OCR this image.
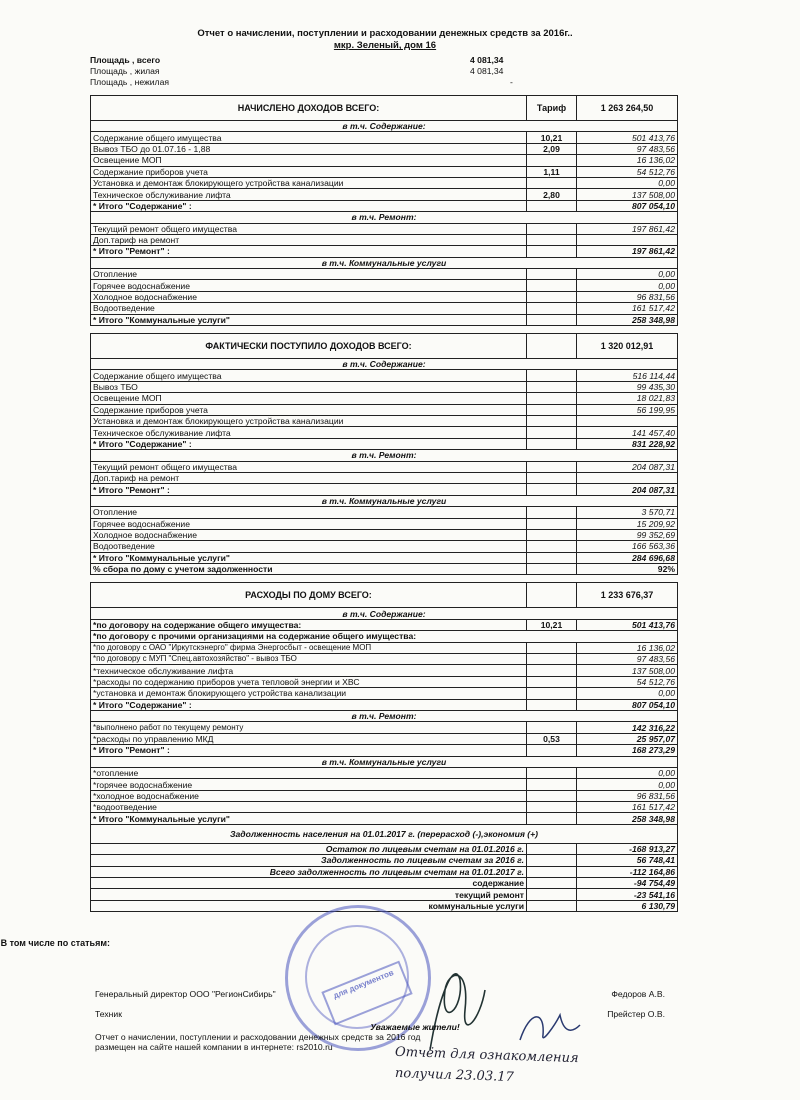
Отчет о начислении, поступлении и расходовании денежных средств за 2016г..
мкр. Зеленый, дом 16
Площадь , всего	4 081,34
Площадь , жилая	4 081,34
Площадь , нежилая	-
НАЧИСЛЕНО ДОХОДОВ ВСЕГО:	Тариф	1 263 264,50
в т.ч. Содержание:		
Содержание общего имущества	10,21	501 413,76
Вывоз ТБО до 01.07.16 - 1,88	2,09	97 483,56
Освещение МОП		16 136,02
Содержание приборов учета	1,11	54 512,76
Установка и демонтаж блокирующего устройства канализации		0,00
Техническое обслуживание лифта	2,80	137 508,00
* Итого "Содержание" :		807 054,10
в т.ч. Ремонт:		
Текущий ремонт общего имущества		197 861,42
Доп.тариф на ремонт		
* Итого "Ремонт" :		197 861,42
в т.ч. Коммунальные услуги		
Отопление		0,00
Горячее водоснабжение		0,00
Холодное водоснабжение		96 831,56
Водоотведение		161 517,42
* Итого "Коммунальные услуги"		258 348,98
ФАКТИЧЕСКИ ПОСТУПИЛО ДОХОДОВ ВСЕГО:		1 320 012,91
в т.ч. Содержание:		
Содержание общего имущества		516 114,44
Вывоз ТБО		99 435,30
Освещение МОП		18 021,83
Содержание приборов учета		56 199,95
Установка и демонтаж блокирующего устройства канализации		
Техническое обслуживание лифта		141 457,40
* Итого "Содержание" :		831 228,92
в т.ч. Ремонт:		
Текущий ремонт общего имущества		204 087,31
Доп.тариф на ремонт		
* Итого "Ремонт" :		204 087,31
в т.ч. Коммунальные услуги		
Отопление		3 570,71
Горячее водоснабжение		15 209,92
Холодное водоснабжение		99 352,69
Водоотведение		166 563,36
* Итого "Коммунальные услуги"		284 696,68
% сбора по дому с учетом задолженности		92%
РАСХОДЫ ПО ДОМУ ВСЕГО:		1 233 676,37
в т.ч. Содержание:		
*по договору на содержание общего имущества:	10,21	501 413,76
*по договору с прочими организациями на содержание общего имущества:		
*по договору с ОАО "Иркутскэнерго" фирма Энергосбыт - освещение МОП		16 136,02
*по договору с МУП "Спец.автохозяйство" - вывоз ТБО		97 483,56
*техническое обслуживание лифта		137 508,00
*расходы по содержанию приборов учета тепловой энергии и ХВС		54 512,76
*установка и демонтаж блокирующего устройства канализации		0,00
* Итого "Содержание" :		807 054,10
в т.ч. Ремонт:		
*выполнено работ по текущему ремонту		142 316,22
*расходы по управлению МКД	0,53	25 957,07
* Итого "Ремонт" :		168 273,29
в т.ч. Коммунальные услуги		
*отопление		0,00
*горячее водоснабжение		0,00
*холодное водоснабжение		96 831,56
*водоотведение		161 517,42
* Итого "Коммунальные услуги"		258 348,98
Задолженность населения на 01.01.2017 г. (перерасход (-),экономия (+)		
Остаток по лицевым счетам на 01.01.2016 г.		-168 913,27
Задолженность по лицевым счетам за 2016 г.		56 748,41
Всего задолженность по лицевым счетам на 01.01.2017 г.		-112 164,86
содержание		-94 754,49
текущий ремонт		-23 541,16
коммунальные услуги		6 130,79
В том числе по статьям:
для документов
Генеральный директор ООО "РегионСибирь"	Федоров А.В.
Техник	Прейстер О.В.
Уважаемые жители!
Отчет о начислении, поступлении и расходовании денежных средств за 2016 год
размещен на сайте нашей компании в интернете: rs2010.ru	Отчёт для ознакомления
получил 23.03.17
